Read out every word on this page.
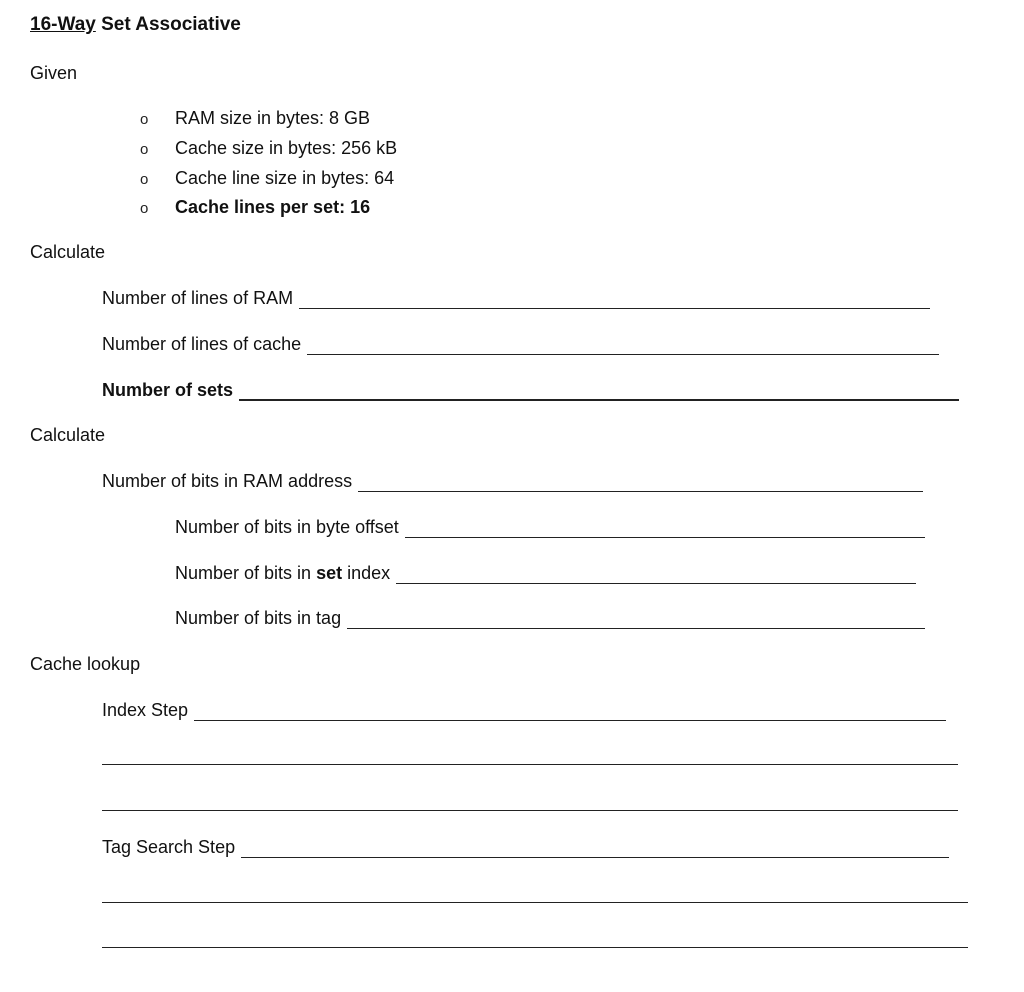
16-Way Set Associative
Given
o	RAM size in bytes: 8 GB
o	Cache size in bytes: 256 kB
o	Cache line size in bytes: 64
o	Cache lines per set: 16
Calculate
Number of lines of RAM
Number of lines of cache
Number of sets
Calculate
Number of bits in RAM address
Number of bits in byte offset
Number of bits in set index
Number of bits in tag
Cache lookup
Index Step
Tag Search Step
